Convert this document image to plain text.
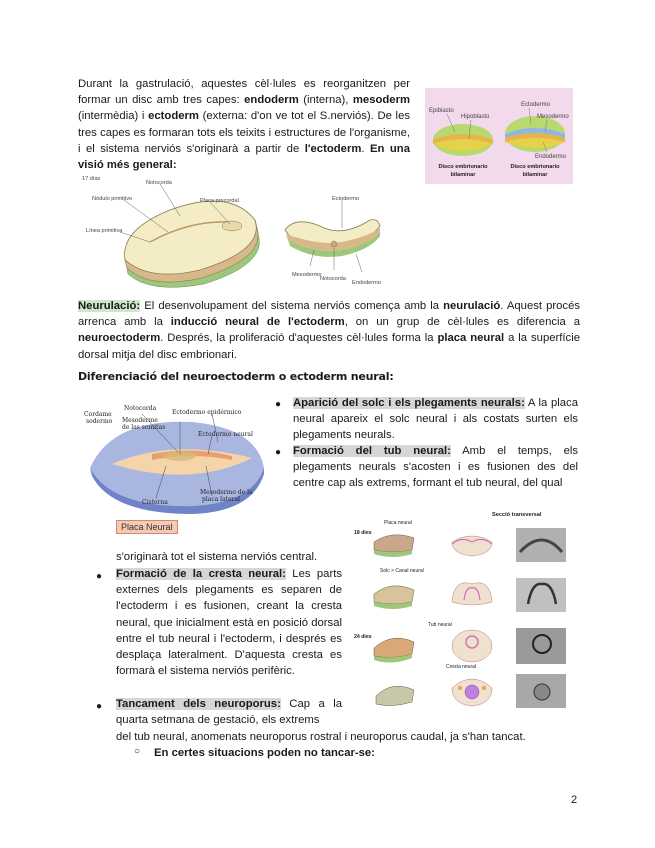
Durant la gastrulació, aquestes cèl·lules es reorganitzen per formar un disc amb tres capes: endoderm (interna), mesoderm (intermèdia) i ectoderm (externa: d'on ve tot el S.nerviós). De les tres capes es formaran tots els teixits i estructures de l'organisme, i el sistema nerviós s'originarà a partir de l'ectoderm. En una visió més general:
Epiblasto
Hipoblasto
Ectodermo
Mesodermo
Endodermo
Disco embrionario
bilaminar
Disco embrionario
bilaminar
17 días
Notocorda
Nódulo primitivo	Placa precordal
Línea primitiva
Ectodermo
Mesodermo
Notocorda
Endodermo
Neurulació: El desenvolupament del sistema nerviós comença amb la neurulació. Aquest procés arrenca amb la inducció neural de l'ectoderm, on un grup de cèl·lules es diferencia a neuroectoderm. Després, la proliferació d'aquestes cèl·lules forma la placa neural a la superfície dorsal mitja del disc embrionari.
Diferenciació del neuroectoderm o ectoderm neural:
Cordame
sodermo
Notocorda
Mesoderme
de las somitas
Ectodermo epidérmico
Ectodermo neural
Cisterna
Mesodermo de la
placa lateral
Placa Neural
● Aparició del solc i els plegaments neurals: A la placa neural apareix el solc neural i als costats surten els plegaments neurals.
● Formació del tub neural: Amb el temps, els plegaments neurals s'acosten i es fusionen des del centre cap als extrems, formant el tub neural, del qual
Secció transversal
18 dies
Placa neural
Solc > Canal neural
24 dies
Tub neural
Cresta neural
s'originarà tot el sistema nerviós central.
● Formació de la cresta neural: Les parts externes dels plegaments es separen de l'ectoderm i es fusionen, creant la cresta neural, que inicialment està en posició dorsal entre el tub neural i l'ectoderm, i després es desplaça lateralment. D'aquesta cresta es formarà el sistema nerviós perifèric.
● Tancament dels neuroporus: Cap a la quarta setmana de gestació, els extrems
del tub neural, anomenats neuroporus rostral i neuroporus caudal, ja s'han tancat.
○ En certes situacions poden no tancar-se:
2
